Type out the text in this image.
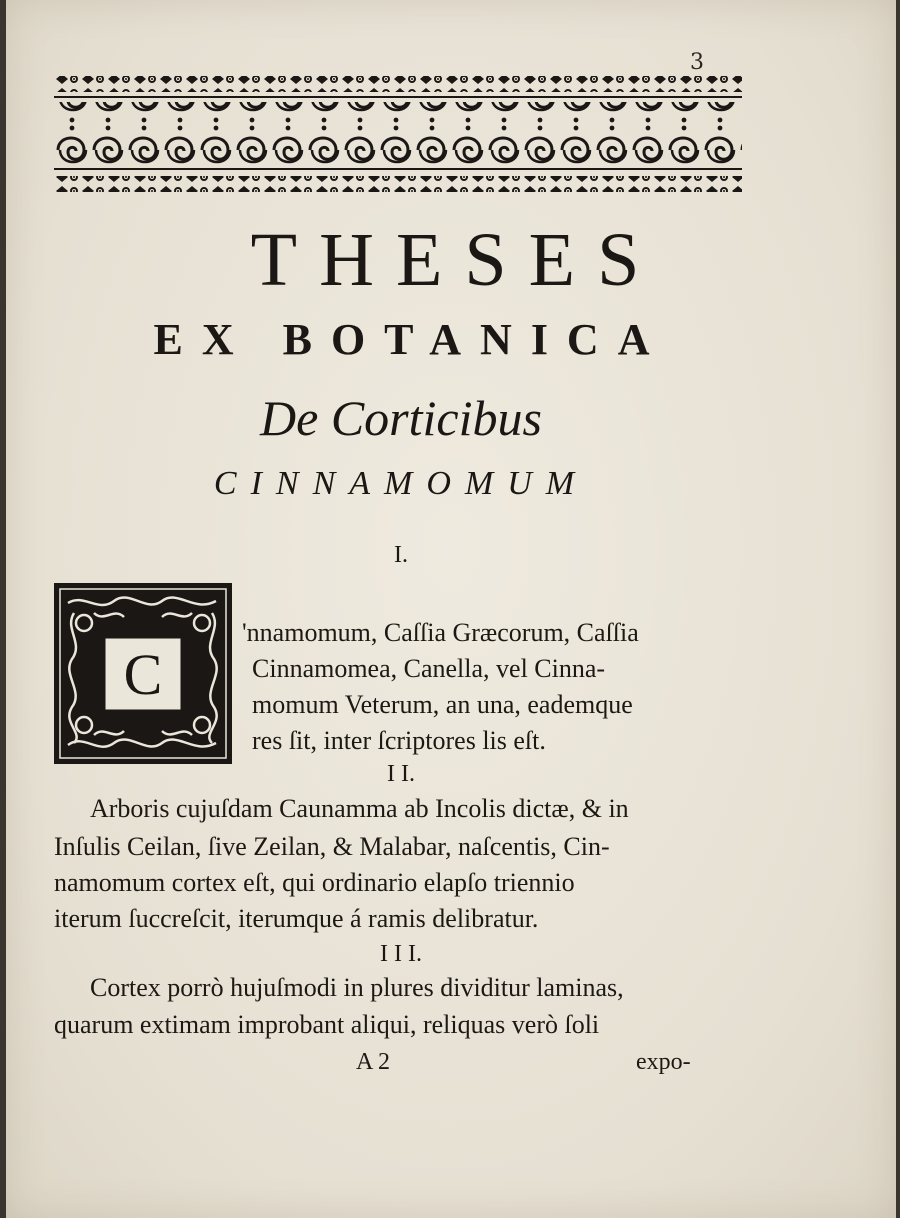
3
THESES
EX BOTANICA
De Corticibus
CINNAMOMUM
I.
C
'nnamomum, Caſſia Græcorum, Caſſia
Cinnamomea, Canella, vel Cinna-
momum Veterum, an una, eademque
res ſit, inter ſcriptores lis eſt.
I I.
Arboris cujuſdam Caunamma ab Incolis dictæ, & in
Inſulis Ceilan, ſive Zeilan, & Malabar, naſcentis, Cin-
namomum cortex eſt, qui ordinario elapſo triennio
iterum ſuccreſcit, iterumque á ramis delibratur.
I I I.
Cortex porrò hujuſmodi in plures dividitur laminas,
quarum extimam improbant aliqui, reliquas verò ſoli
A 2	expo-
